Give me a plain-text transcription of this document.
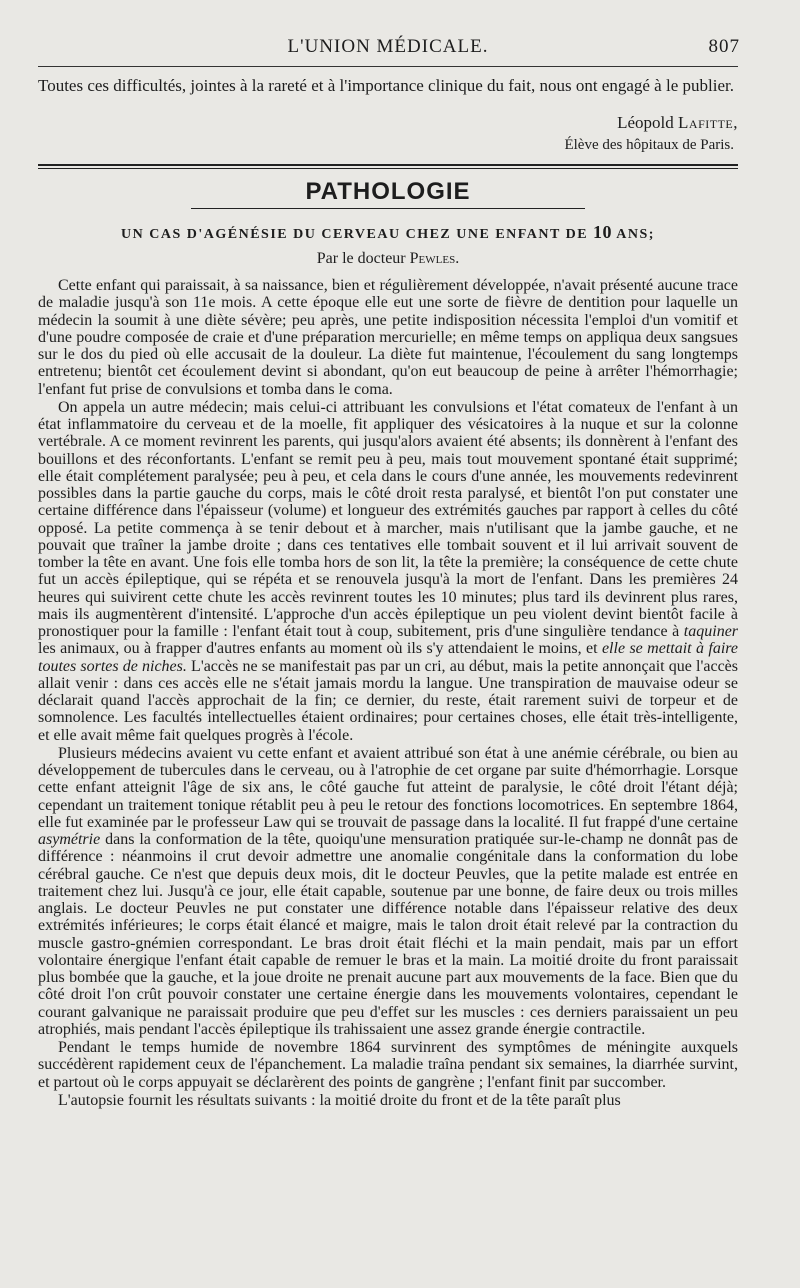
L'UNION MÉDICALE.	807

Toutes ces difficultés, jointes à la rareté et à l'importance clinique du fait, nous ont engagé à le publier.

Léopold Lafitte,
Élève des hôpitaux de Paris.
PATHOLOGIE
UN CAS D'AGÉNÉSIE DU CERVEAU CHEZ UNE ENFANT DE 10 ANS;
Par le docteur Pewles.

Cette enfant qui paraissait, à sa naissance, bien et régulièrement développée, n'avait présenté aucune trace de maladie jusqu'à son 11e mois. A cette époque elle eut une sorte de fièvre de dentition pour laquelle un médecin la soumit à une diète sévère; peu après, une petite indisposition nécessita l'emploi d'un vomitif et d'une poudre composée de craie et d'une préparation mercurielle; en même temps on appliqua deux sangsues sur le dos du pied où elle accusait de la douleur. La diète fut maintenue, l'écoulement du sang longtemps entretenu; bientôt cet écoulement devint si abondant, qu'on eut beaucoup de peine à arrêter l'hémorrhagie; l'enfant fut prise de convulsions et tomba dans le coma.

On appela un autre médecin; mais celui-ci attribuant les convulsions et l'état comateux de l'enfant à un état inflammatoire du cerveau et de la moelle, fit appliquer des vésicatoires à la nuque et sur la colonne vertébrale. A ce moment revinrent les parents, qui jusqu'alors avaient été absents; ils donnèrent à l'enfant des bouillons et des réconfortants. L'enfant se remit peu à peu, mais tout mouvement spontané était supprimé; elle était complétement paralysée; peu à peu, et cela dans le cours d'une année, les mouvements redevinrent possibles dans la partie gauche du corps, mais le côté droit resta paralysé, et bientôt l'on put constater une certaine différence dans l'épaisseur (volume) et longueur des extrémités gauches par rapport à celles du côté opposé. La petite commença à se tenir debout et à marcher, mais n'utilisant que la jambe gauche, et ne pouvait que traîner la jambe droite ; dans ces tentatives elle tombait souvent et il lui arrivait souvent de tomber la tête en avant. Une fois elle tomba hors de son lit, la tête la première; la conséquence de cette chute fut un accès épileptique, qui se répéta et se renouvela jusqu'à la mort de l'enfant. Dans les premières 24 heures qui suivirent cette chute les accès revinrent toutes les 10 minutes; plus tard ils devinrent plus rares, mais ils augmentèrent d'intensité. L'approche d'un accès épileptique un peu violent devint bientôt facile à pronostiquer pour la famille : l'enfant était tout à coup, subitement, pris d'une singulière tendance à taquiner les animaux, ou à frapper d'autres enfants au moment où ils s'y attendaient le moins, et elle se mettait à faire toutes sortes de niches. L'accès ne se manifestait pas par un cri, au début, mais la petite annonçait que l'accès allait venir : dans ces accès elle ne s'était jamais mordu la langue. Une transpiration de mauvaise odeur se déclarait quand l'accès approchait de la fin; ce dernier, du reste, était rarement suivi de torpeur et de somnolence. Les facultés intellectuelles étaient ordinaires; pour certaines choses, elle était très-intelligente, et elle avait même fait quelques progrès à l'école.

Plusieurs médecins avaient vu cette enfant et avaient attribué son état à une anémie cérébrale, ou bien au développement de tubercules dans le cerveau, ou à l'atrophie de cet organe par suite d'hémorrhagie. Lorsque cette enfant atteignit l'âge de six ans, le côté gauche fut atteint de paralysie, le côté droit l'étant déjà; cependant un traitement tonique rétablit peu à peu le retour des fonctions locomotrices. En septembre 1864, elle fut examinée par le professeur Law qui se trouvait de passage dans la localité. Il fut frappé d'une certaine asymétrie dans la conformation de la tête, quoiqu'une mensuration pratiquée sur-le-champ ne donnât pas de différence : néanmoins il crut devoir admettre une anomalie congénitale dans la conformation du lobe cérébral gauche. Ce n'est que depuis deux mois, dit le docteur Peuvles, que la petite malade est entrée en traitement chez lui. Jusqu'à ce jour, elle était capable, soutenue par une bonne, de faire deux ou trois milles anglais. Le docteur Peuvles ne put constater une différence notable dans l'épaisseur relative des deux extrémités inférieures; le corps était élancé et maigre, mais le talon droit était relevé par la contraction du muscle gastro-gnémien correspondant. Le bras droit était fléchi et la main pendait, mais par un effort volontaire énergique l'enfant était capable de remuer le bras et la main. La moitié droite du front paraissait plus bombée que la gauche, et la joue droite ne prenait aucune part aux mouvements de la face. Bien que du côté droit l'on crût pouvoir constater une certaine énergie dans les mouvements volontaires, cependant le courant galvanique ne paraissait produire que peu d'effet sur les muscles : ces derniers paraissaient un peu atrophiés, mais pendant l'accès épileptique ils trahissaient une assez grande énergie contractile.

Pendant le temps humide de novembre 1864 survinrent des symptômes de méningite auxquels succédèrent rapidement ceux de l'épanchement. La maladie traîna pendant six semaines, la diarrhée survint, et partout où le corps appuyait se déclarèrent des points de gangrène ; l'enfant finit par succomber.

L'autopsie fournit les résultats suivants : la moitié droite du front et de la tête paraît plus
